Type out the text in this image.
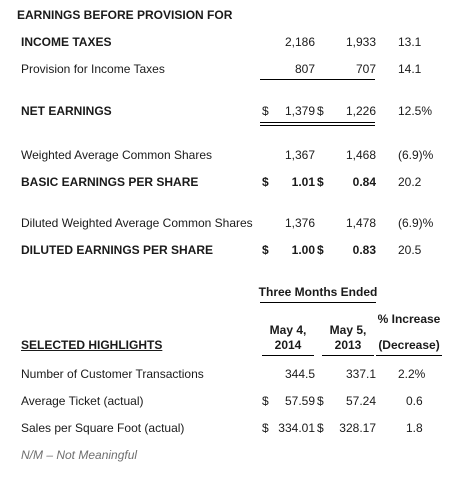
EARNINGS BEFORE PROVISION FOR
INCOME TAXES	2,186	1,933 13.1
Provision for Income Taxes	807	707 14.1
NET EARNINGS	$	1,379 $	1,226 12.5%
Weighted Average Common Shares	1,367	1,468 (6.9)%
BASIC EARNINGS PER SHARE	$	1.01 $	0.84 20.2
Diluted Weighted Average Common Shares	1,376	1,478 (6.9)%
DILUTED EARNINGS PER SHARE	$	1.00 $	0.83 20.5
Three Months Ended
% Increase
May 4,	May 5,
2014	2013	(Decrease)
SELECTED HIGHLIGHTS
Number of Customer Transactions	344.5	337.1 2.2%
Average Ticket (actual)	$	57.59 $	57.24	0.6
Sales per Square Foot (actual)	$ 334.01 $	328.17	1.8
N/M – Not Meaningful
